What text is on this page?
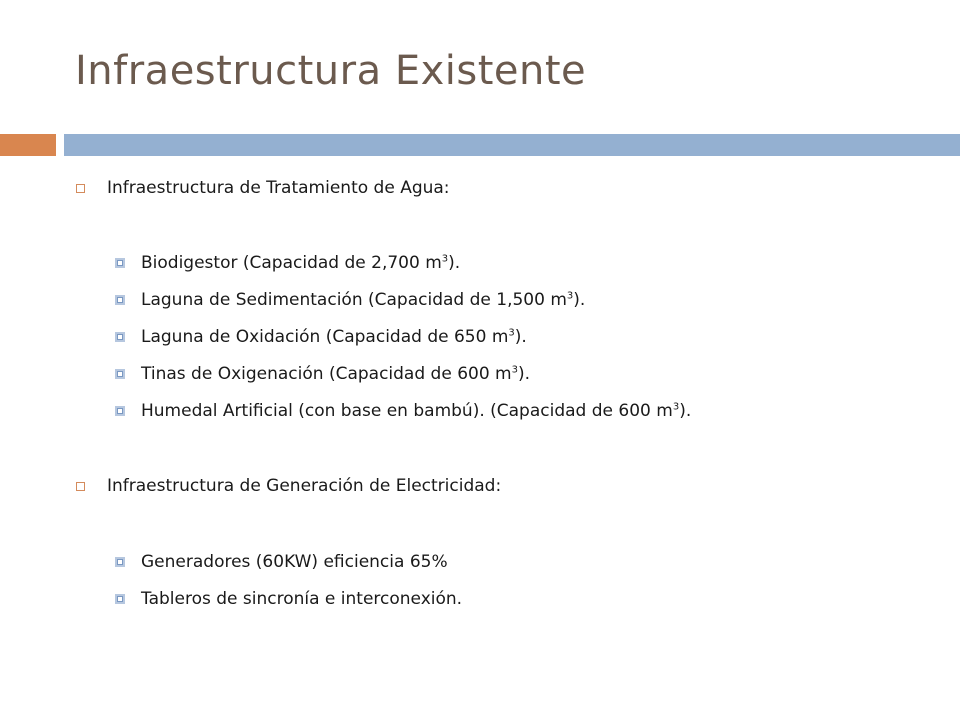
Infraestructura Existente
Infraestructura de Tratamiento de Agua:
Biodigestor (Capacidad de 2,700 $m^3$).
Laguna de Sedimentación (Capacidad de 1,500 $m^3$).
Laguna de Oxidación (Capacidad de 650 $m^3$).
Tinas de Oxigenación (Capacidad de 600 $m^3$).
Humedal Artificial (con base en bambú). (Capacidad de 600 $m^3$).
Infraestructura de Generación de Electricidad:
Generadores (60KW) eficiencia 65%
Tableros de sincronía e interconexión.
